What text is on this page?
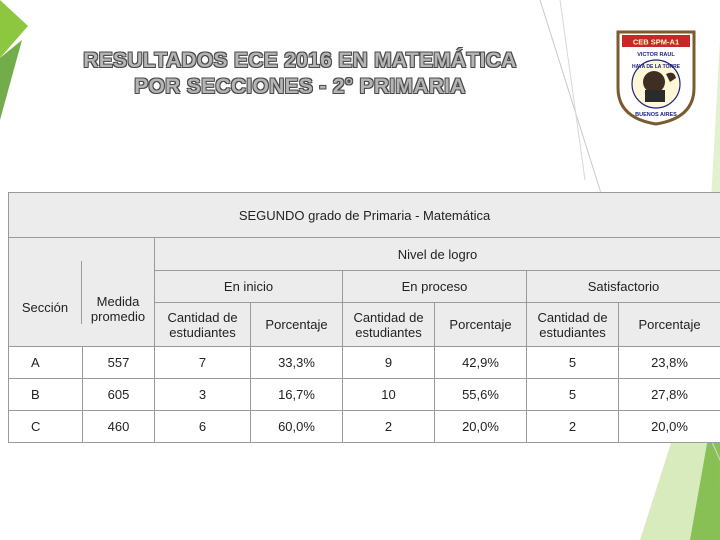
RESULTADOS ECE 2016 EN MATEMÁTICA
POR SECCIONES - 2° PRIMARIA
CEB SPM-A1
VICTOR RAUL
HAYA DE LA TORRE
BUENOS AIRES
SEGUNDO grado de Primaria - Matemática

Sección	Medida promedio
	Nivel de logro
En inicio	En proceso	Satisfactorio
Cantidad de estudiantes	Porcentaje	Cantidad de estudiantes	Porcentaje	Cantidad de estudiantes	Porcentaje
A	557	7	33,3%	9	42,9%	5	23,8%
B	605	3	16,7%	10	55,6%	5	27,8%
C	460	6	60,0%	2	20,0%	2	20,0%
